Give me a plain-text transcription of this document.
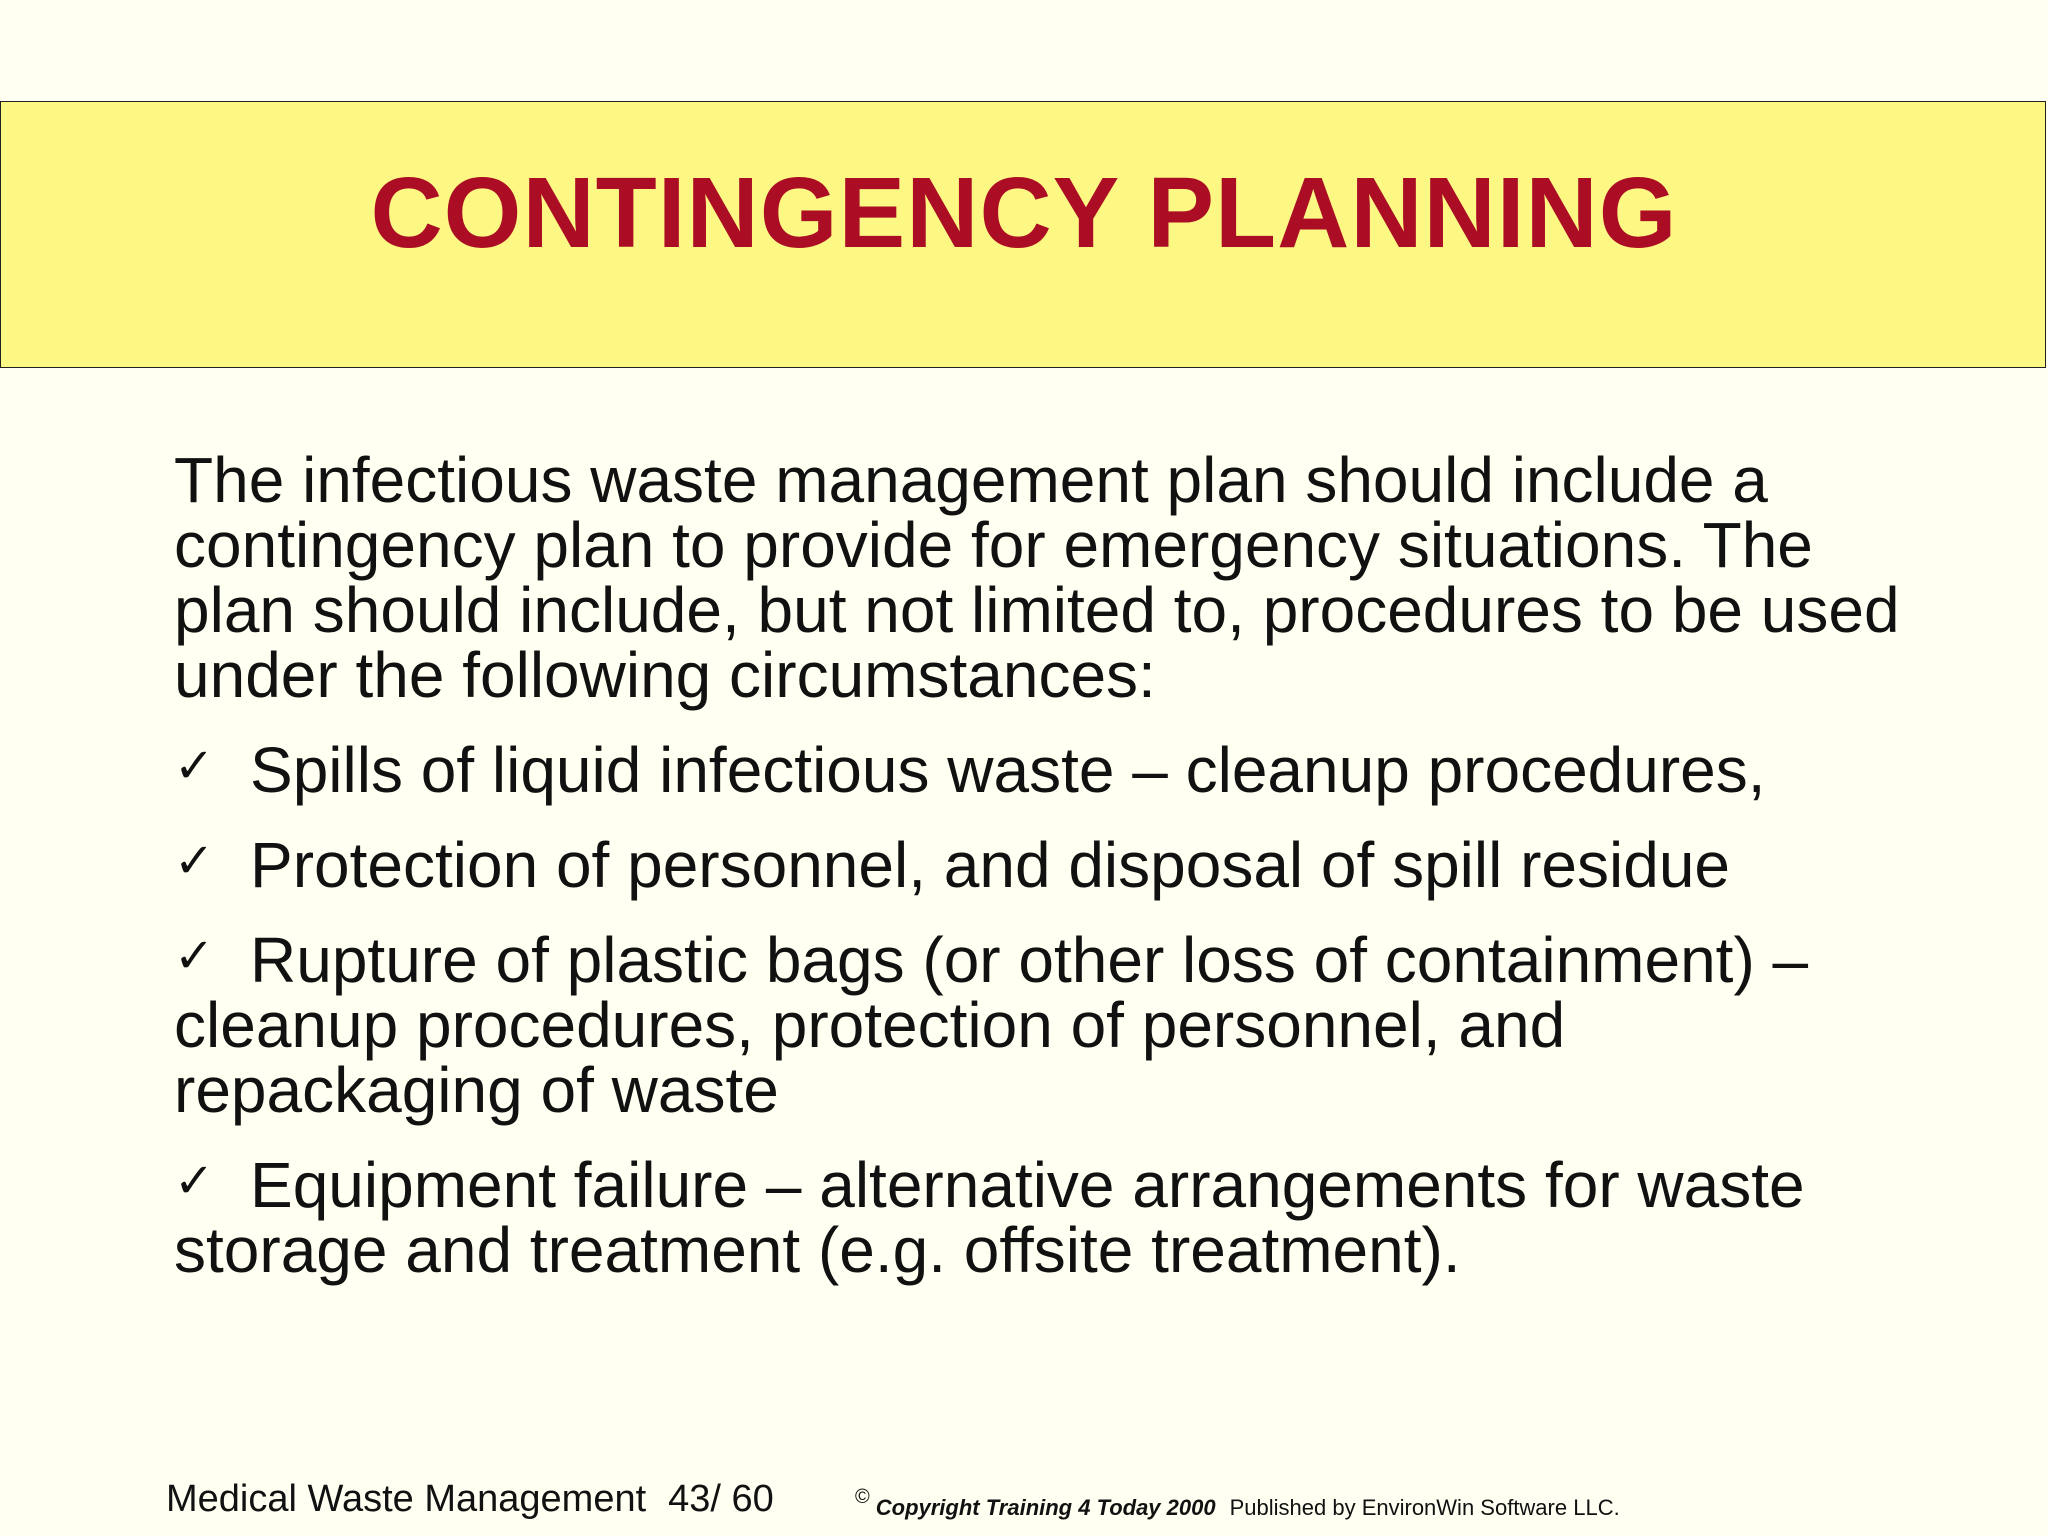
CONTINGENCY PLANNING

The infectious waste management plan should include a contingency plan to provide for emergency situations. The plan should include, but not limited to, procedures to be used under the following circumstances:

✓ Spills of liquid infectious waste – cleanup procedures,
✓ Protection of personnel, and disposal of spill residue
✓ Rupture of plastic bags (or other loss of containment) – cleanup procedures, protection of personnel, and repackaging of waste
✓ Equipment failure – alternative arrangements for waste storage and treatment (e.g. offsite treatment).
Medical Waste Management 43/ 60	© Copyright Training 4 Today 2000 Published by EnvironWin Software LLC.
